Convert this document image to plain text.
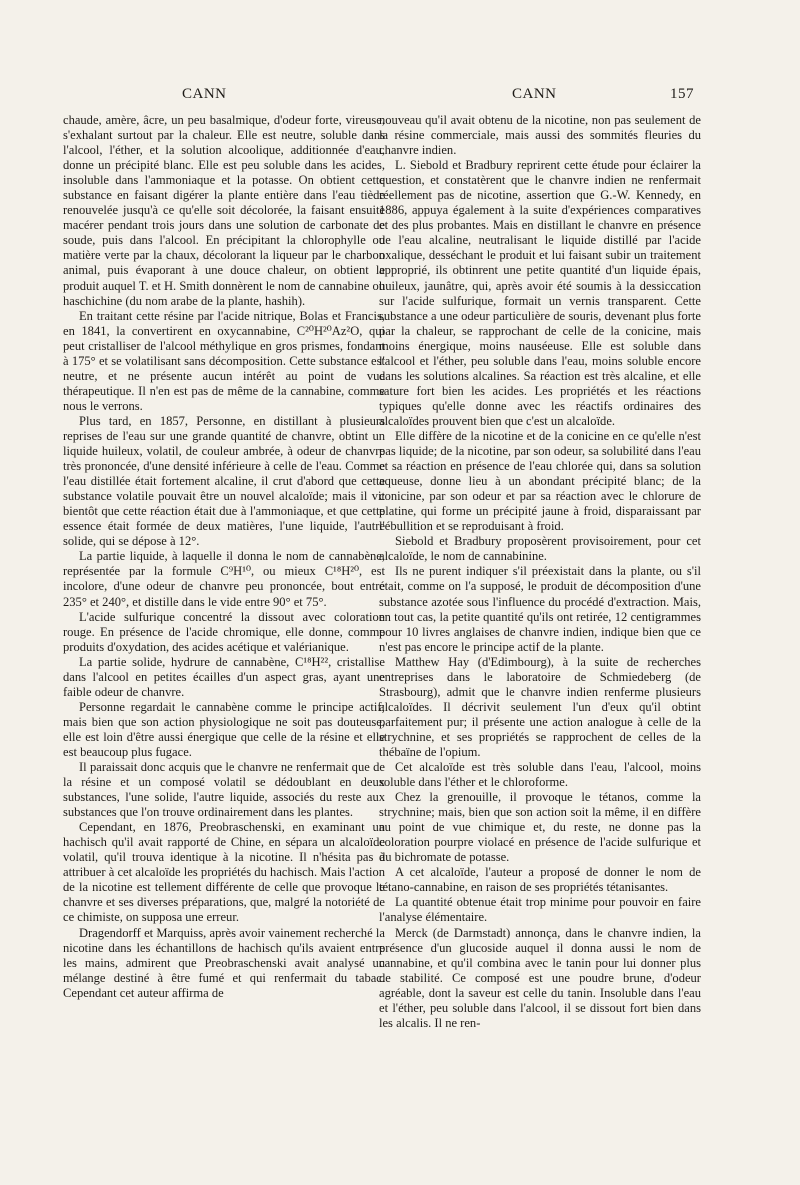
CANN	CANN	157

chaude, amère, âcre, un peu basalmique, d'odeur forte, vireuse, s'exhalant surtout par la chaleur. Elle est neutre, soluble dans l'alcool, l'éther, et la solution alcoolique, additionnée d'eau, donne un précipité blanc. Elle est peu soluble dans les acides, insoluble dans l'ammoniaque et la potasse. On obtient cette substance en faisant digérer la plante entière dans l'eau tiède renouvelée jusqu'à ce qu'elle soit décolorée, la faisant ensuite macérer pendant trois jours dans une solution de carbonate de soude, puis dans l'alcool. En précipitant la chlorophylle ou matière verte par la chaux, décolorant la liqueur par le charbon animal, puis évaporant à une douce chaleur, on obtient le produit auquel T. et H. Smith donnèrent le nom de cannabine ou haschichine (du nom arabe de la plante, hashih).

En traitant cette résine par l'acide nitrique, Bolas et Francis, en 1841, la convertirent en oxycannabine, C²⁰H²⁰Az²O, qui peut cristalliser de l'alcool méthylique en gros prismes, fondant à 175° et se volatilisant sans décomposition. Cette substance est neutre, et ne présente aucun intérêt au point de vue thérapeutique. Il n'en est pas de même de la cannabine, comme nous le verrons.

Plus tard, en 1857, Personne, en distillant à plusieurs reprises de l'eau sur une grande quantité de chanvre, obtint un liquide huileux, volatil, de couleur ambrée, à odeur de chanvre très prononcée, d'une densité inférieure à celle de l'eau. Comme l'eau distillée était fortement alcaline, il crut d'abord que cette substance volatile pouvait être un nouvel alcaloïde; mais il vit bientôt que cette réaction était due à l'ammoniaque, et que cette essence était formée de deux matières, l'une liquide, l'autre solide, qui se dépose à 12°.

La partie liquide, à laquelle il donna le nom de cannabène, représentée par la formule C⁹H¹⁰, ou mieux C¹⁸H²⁰, est incolore, d'une odeur de chanvre peu prononcée, bout entre 235° et 240°, et distille dans le vide entre 90° et 75°.

L'acide sulfurique concentré la dissout avec coloration rouge. En présence de l'acide chromique, elle donne, comme produits d'oxydation, des acides acétique et valérianique.

La partie solide, hydrure de cannabène, C¹⁸H²², cristallise dans l'alcool en petites écailles d'un aspect gras, ayant une faible odeur de chanvre.

Personne regardait le cannabène comme le principe actif; mais bien que son action physiologique ne soit pas douteuse, elle est loin d'être aussi énergique que celle de la résine et elle est beaucoup plus fugace.

Il paraissait donc acquis que le chanvre ne renfermait que de la résine et un composé volatil se dédoublant en deux substances, l'une solide, l'autre liquide, associés du reste aux substances que l'on trouve ordinairement dans les plantes.

Cependant, en 1876, Preobraschenski, en examinant un hachisch qu'il avait rapporté de Chine, en sépara un alcaloïde volatil, qu'il trouva identique à la nicotine. Il n'hésita pas à attribuer à cet alcaloïde les propriétés du hachisch. Mais l'action de la nicotine est tellement différente de celle que provoque le chanvre et ses diverses préparations, que, malgré la notoriété de ce chimiste, on supposa une erreur.

Dragendorff et Marquiss, après avoir vainement recherché la nicotine dans les échantillons de hachisch qu'ils avaient entre les mains, admirent que Preobraschenski avait analysé un mélange destiné à être fumé et qui renfermait du tabac. Cependant cet auteur affirma de

nouveau qu'il avait obtenu de la nicotine, non pas seulement de la résine commerciale, mais aussi des sommités fleuries du chanvre indien.

L. Siebold et Bradbury reprirent cette étude pour éclairer la question, et constatèrent que le chanvre indien ne renfermait réellement pas de nicotine, assertion que G.-W. Kennedy, en 1886, appuya également à la suite d'expériences comparatives et des plus probantes. Mais en distillant le chanvre en présence de l'eau alcaline, neutralisant le liquide distillé par l'acide oxalique, desséchant le produit et lui faisant subir un traitement approprié, ils obtinrent une petite quantité d'un liquide épais, huileux, jaunâtre, qui, après avoir été soumis à la dessiccation sur l'acide sulfurique, formait un vernis transparent. Cette substance a une odeur particulière de souris, devenant plus forte par la chaleur, se rapprochant de celle de la conicine, mais moins énergique, moins nauséeuse. Elle est soluble dans l'alcool et l'éther, peu soluble dans l'eau, moins soluble encore dans les solutions alcalines. Sa réaction est très alcaline, et elle sature fort bien les acides. Les propriétés et les réactions typiques qu'elle donne avec les réactifs ordinaires des alcaloïdes prouvent bien que c'est un alcaloïde.

Elle diffère de la nicotine et de la conicine en ce qu'elle n'est pas liquide; de la nicotine, par son odeur, sa solubilité dans l'eau et sa réaction en présence de l'eau chlorée qui, dans sa solution aqueuse, donne lieu à un abondant précipité blanc; de la conicine, par son odeur et par sa réaction avec le chlorure de platine, qui forme un précipité jaune à froid, disparaissant par l'ébullition et se reproduisant à froid.

Siebold et Bradbury proposèrent provisoirement, pour cet alcaloïde, le nom de cannabinine.

Ils ne purent indiquer s'il préexistait dans la plante, ou s'il était, comme on l'a supposé, le produit de décomposition d'une substance azotée sous l'influence du procédé d'extraction. Mais, en tout cas, la petite quantité qu'ils ont retirée, 12 centigrammes pour 10 livres anglaises de chanvre indien, indique bien que ce n'est pas encore le principe actif de la plante.

Matthew Hay (d'Edimbourg), à la suite de recherches entreprises dans le laboratoire de Schmiedeberg (de Strasbourg), admit que le chanvre indien renferme plusieurs alcaloïdes. Il décrivit seulement l'un d'eux qu'il obtint parfaitement pur; il présente une action analogue à celle de la strychnine, et ses propriétés se rapprochent de celles de la thébaïne de l'opium.

Cet alcaloïde est très soluble dans l'eau, l'alcool, moins soluble dans l'éther et le chloroforme.

Chez la grenouille, il provoque le tétanos, comme la strychnine; mais, bien que son action soit la même, il en diffère au point de vue chimique et, du reste, ne donne pas la coloration pourpre violacé en présence de l'acide sulfurique et du bichromate de potasse.

A cet alcaloïde, l'auteur a proposé de donner le nom de tétano-cannabine, en raison de ses propriétés tétanisantes.

La quantité obtenue était trop minime pour pouvoir en faire l'analyse élémentaire.

Merck (de Darmstadt) annonça, dans le chanvre indien, la présence d'un glucoside auquel il donna aussi le nom de cannabine, et qu'il combina avec le tanin pour lui donner plus de stabilité. Ce composé est une poudre brune, d'odeur agréable, dont la saveur est celle du tanin. Insoluble dans l'eau et l'éther, peu soluble dans l'alcool, il se dissout fort bien dans les alcalis. Il ne ren-
